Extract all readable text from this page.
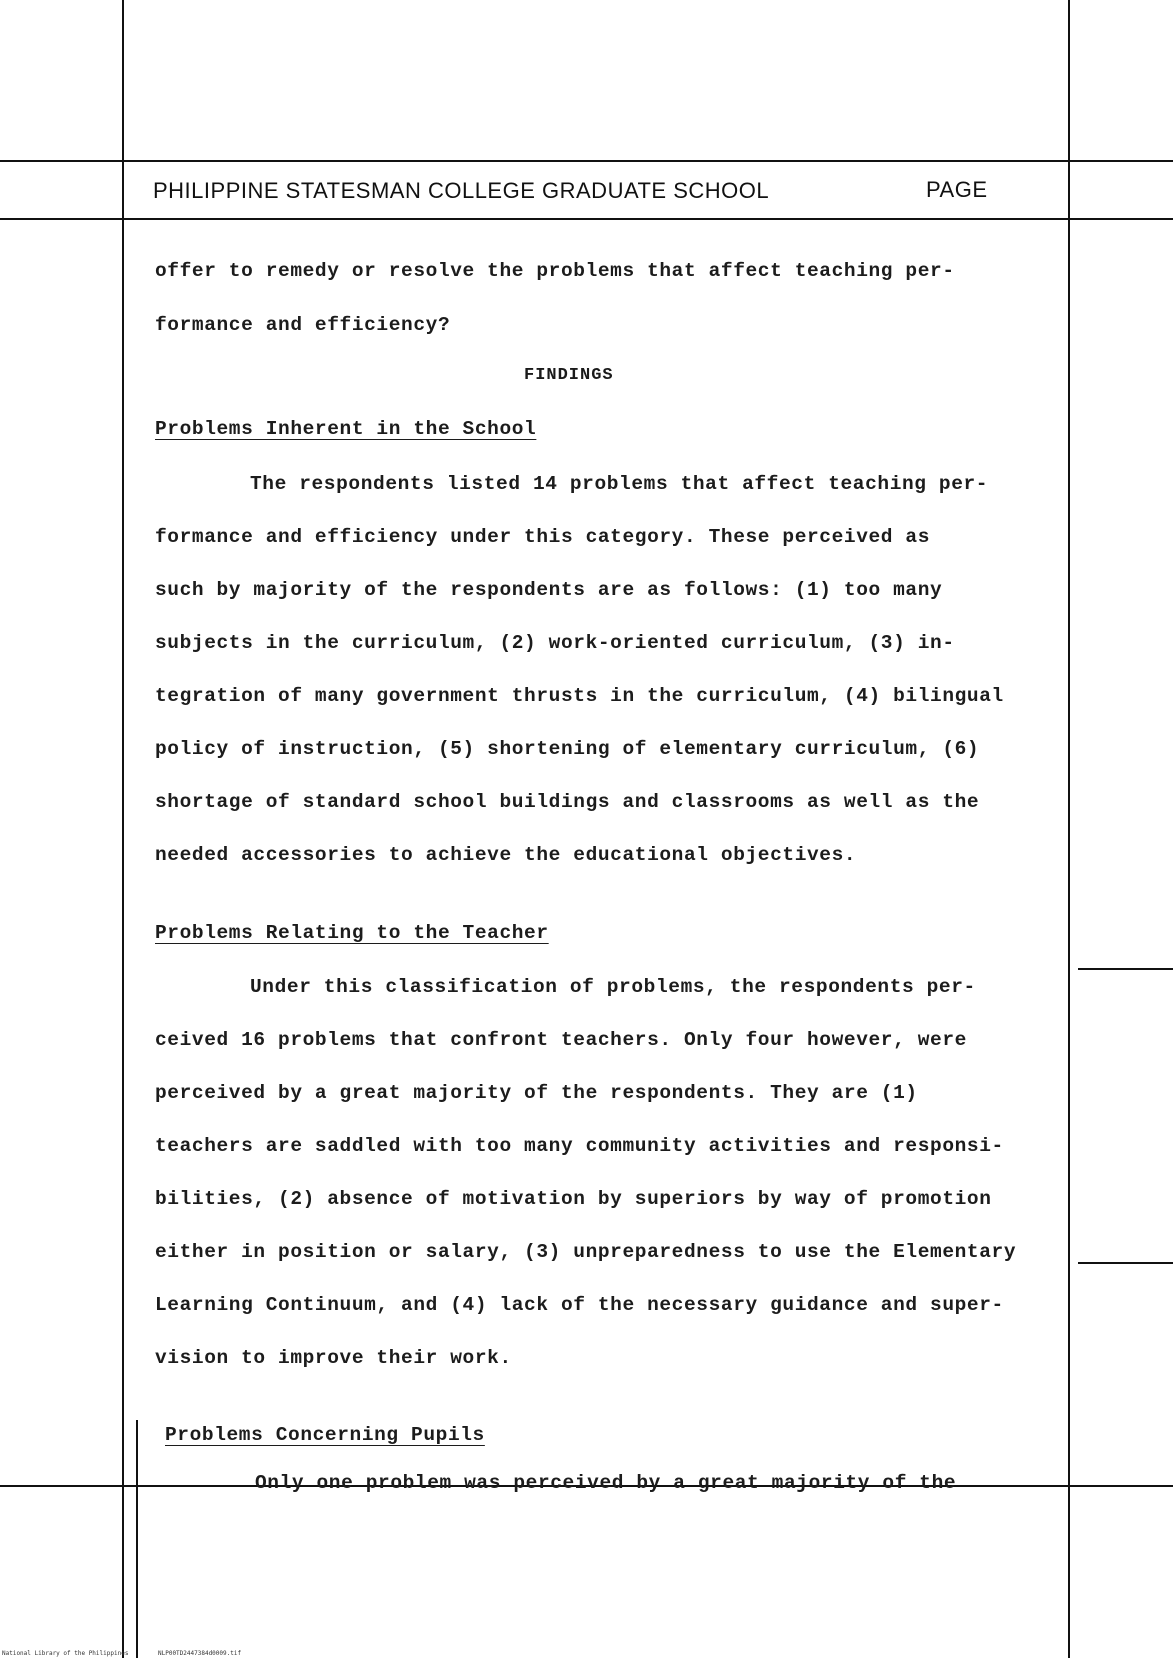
PHILIPPINE STATESMAN COLLEGE GRADUATE SCHOOL	PAGE
offer to remedy or resolve the problems that affect teaching per-
formance and efficiency?
FINDINGS
Problems Inherent in the School
The respondents listed 14 problems that affect teaching per-
formance and efficiency under this category. These perceived as
such by majority of the respondents are as follows: (1) too many
subjects in the curriculum, (2) work-oriented curriculum, (3) in-
tegration of many government thrusts in the curriculum, (4) bilingual
policy of instruction, (5) shortening of elementary curriculum, (6)
shortage of standard school buildings and classrooms as well as the
needed accessories to achieve the educational objectives.
Problems Relating to the Teacher
Under this classification of problems, the respondents per-
ceived 16 problems that confront teachers. Only four however, were
perceived by a great majority of the respondents. They are (1)
teachers are saddled with too many community activities and responsi-
bilities, (2) absence of motivation by superiors by way of promotion
either in position or salary, (3) unpreparedness to use the Elementary
Learning Continuum, and (4) lack of the necessary guidance and super-
vision to improve their work.
Problems Concerning Pupils
Only one problem was perceived by a great majority of the
National Library of the Philippines	NLP00TD2447384d0009.tif
